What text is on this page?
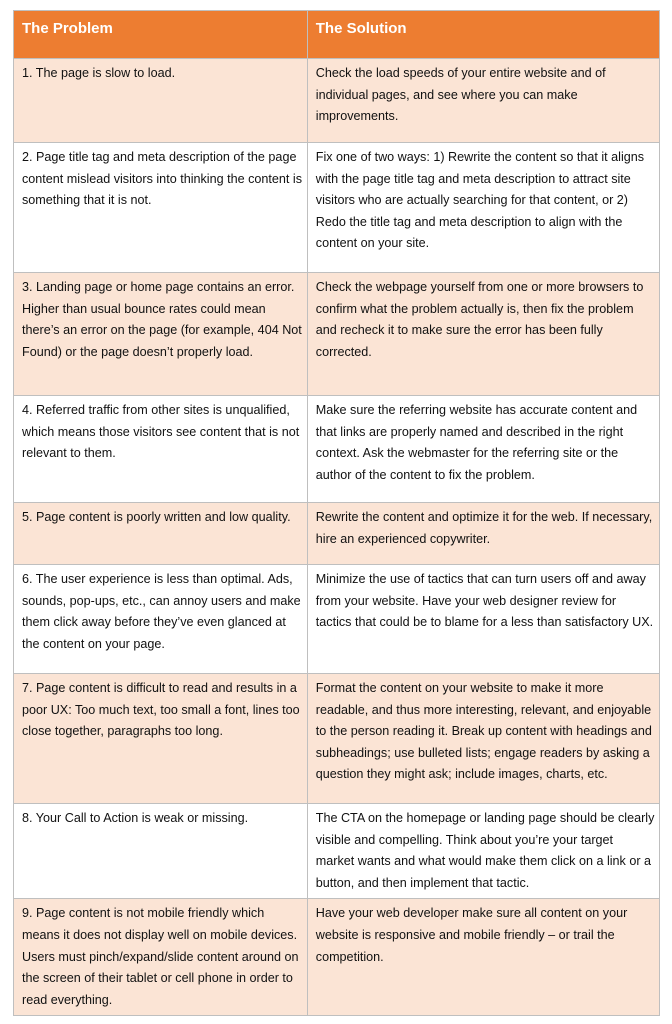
The Problem	The Solution
1. The page is slow to load.	Check the load speeds of your entire website and of individual pages, and see where you can make improvements.
2. Page title tag and meta description of the page content mislead visitors into thinking the content is something that it is not.	Fix one of two ways: 1) Rewrite the content so that it aligns with the page title tag and meta description to attract site visitors who are actually searching for that content, or 2) Redo the title tag and meta description to align with the content on your site.
3. Landing page or home page contains an error. Higher than usual bounce rates could mean there’s an error on the page (for example, 404 Not Found) or the page doesn’t properly load.	Check the webpage yourself from one or more browsers to confirm what the problem actually is, then fix the problem and recheck it to make sure the error has been fully corrected.
4. Referred traffic from other sites is unqualified, which means those visitors see content that is not relevant to them.	Make sure the referring website has accurate content and that links are properly named and described in the right context. Ask the webmaster for the referring site or the author of the content to fix the problem.
5. Page content is poorly written and low quality.	Rewrite the content and optimize it for the web. If necessary, hire an experienced copywriter.
6. The user experience is less than optimal. Ads, sounds, pop-ups, etc., can annoy users and make them click away before they’ve even glanced at the content on your page.	Minimize the use of tactics that can turn users off and away from your website. Have your web designer review for tactics that could be to blame for a less than satisfactory UX.
7. Page content is difficult to read and results in a poor UX: Too much text, too small a font, lines too close together, paragraphs too long.	Format the content on your website to make it more readable, and thus more interesting, relevant, and enjoyable to the person reading it. Break up content with headings and subheadings; use bulleted lists; engage readers by asking a question they might ask; include images, charts, etc.
8. Your Call to Action is weak or missing.	The CTA on the homepage or landing page should be clearly visible and compelling. Think about you’re your target market wants and what would make them click on a link or a button, and then implement that tactic.
9. Page content is not mobile friendly which means it does not display well on mobile devices. Users must pinch/expand/slide content around on the screen of their tablet or cell phone in order to read everything.	Have your web developer make sure all content on your website is responsive and mobile friendly – or trail the competition.
